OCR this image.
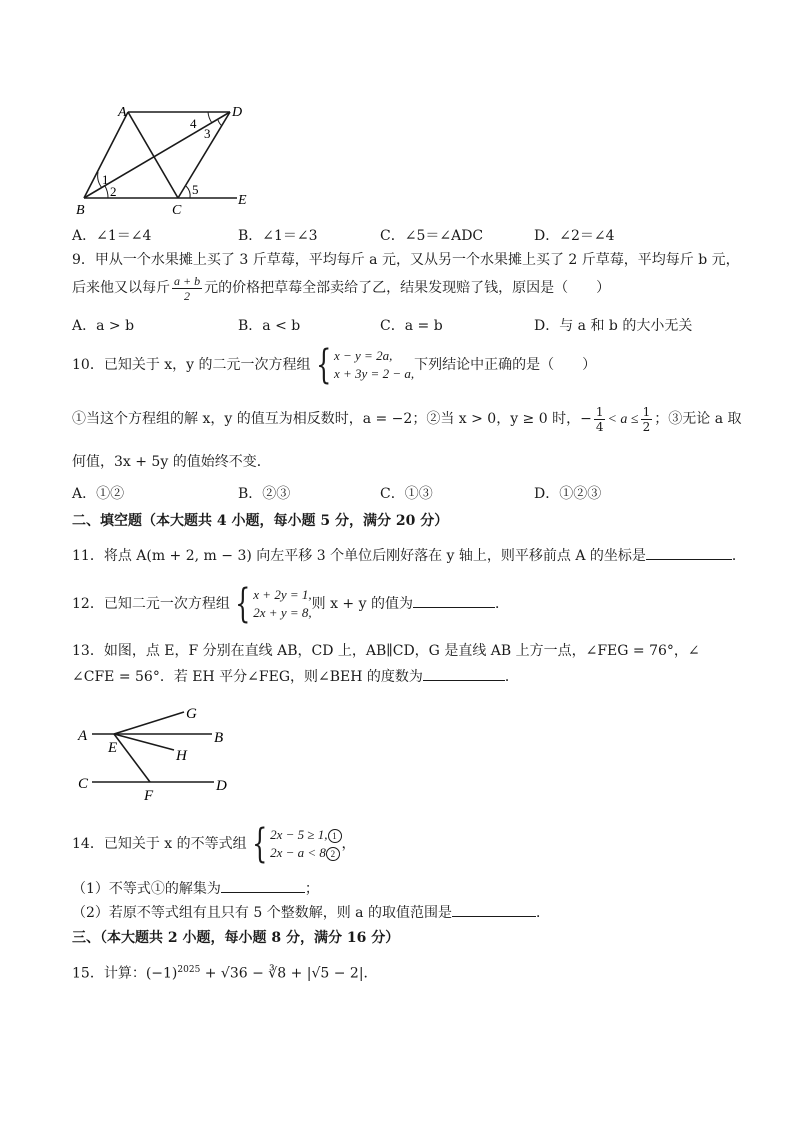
A	D
B	C
E
1
2
3
4
5
A．∠1＝∠4	B．∠1＝∠3	C．∠5＝∠ADC	D．∠2＝∠4
9．甲从一个水果摊上买了 3 斤草莓，平均每斤 a 元，又从另一个水果摊上买了 2 斤草莓，平均每斤 b 元，
后来他又以每斤 $\frac{a + b}{2}$ 元的价格把草莓全部卖给了乙，结果发现赔了钱，原因是（　　）
A．a > b	B．a < b	C．a = b	D．与 a 和 b 的大小无关
10．已知关于 x，y 的二元一次方程组 { x − y = 2a,
x + 3y = 2 − a,
下列结论中正确的是（　　）
①当这个方程组的解 x，y 的值互为相反数时，a = −2；②当 x > 0，y ≥ 0 时，− $\frac{1}{4} < a \le \frac{1}{2}$ ；③无论 a 取
何值，3x + 5y 的值始终不变．
A．①②	B．②③	C．①③	D．①②③
二、填空题（本大题共 4 小题，每小题 5 分，满分 20 分）
11．将点 A(m + 2, m − 3) 向左平移 3 个单位后刚好落在 y 轴上，则平移前点 A 的坐标是	．
12．已知二元一次方程组 { x + 2y = 1,
2x + y = 8,
则 x + y 的值为	．
13．如图，点 E，F 分别在直线 AB，CD 上，AB∥CD，G 是直线 AB 上方一点，∠FEG = 76°，∠
∠CFE = 56°．若 EH 平分∠FEG，则∠BEH 的度数为	．
A	B
C	D
E
F
G
H
14．已知关于 x 的不等式组 { 2x − 5 ≥ 1, 1
2x − a < 8 2
，
（1）不等式①的解集为	；
（2）若原不等式组有且只有 5 个整数解，则 a 的取值范围是	．
三、（本大题共 2 小题，每小题 8 分，满分 16 分）
15．计算：$(-1)^{2025} + √36$ − ∛8 + |√5 − 2|．
